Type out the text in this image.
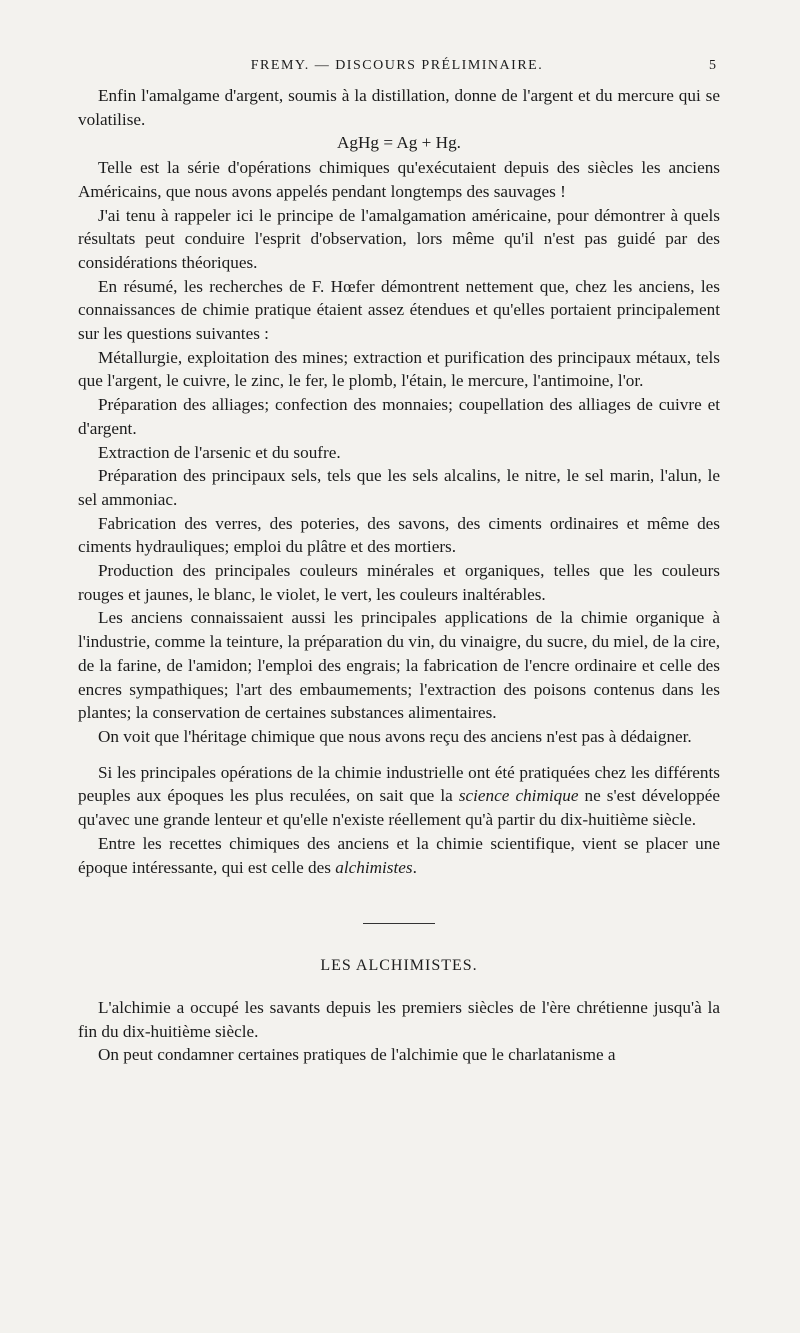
FREMY. — DISCOURS PRÉLIMINAIRE.	5

Enfin l'amalgame d'argent, soumis à la distillation, donne de l'argent et du mercure qui se volatilise.

AgHg = Ag + Hg.

Telle est la série d'opérations chimiques qu'exécutaient depuis des siècles les anciens Américains, que nous avons appelés pendant longtemps des sauvages !

J'ai tenu à rappeler ici le principe de l'amalgamation américaine, pour démontrer à quels résultats peut conduire l'esprit d'observation, lors même qu'il n'est pas guidé par des considérations théoriques.

En résumé, les recherches de F. Hœfer démontrent nettement que, chez les anciens, les connaissances de chimie pratique étaient assez étendues et qu'elles portaient principalement sur les questions suivantes :

Métallurgie, exploitation des mines; extraction et purification des principaux métaux, tels que l'argent, le cuivre, le zinc, le fer, le plomb, l'étain, le mercure, l'antimoine, l'or.

Préparation des alliages; confection des monnaies; coupellation des alliages de cuivre et d'argent.

Extraction de l'arsenic et du soufre.

Préparation des principaux sels, tels que les sels alcalins, le nitre, le sel marin, l'alun, le sel ammoniac.

Fabrication des verres, des poteries, des savons, des ciments ordinaires et même des ciments hydrauliques; emploi du plâtre et des mortiers.

Production des principales couleurs minérales et organiques, telles que les couleurs rouges et jaunes, le blanc, le violet, le vert, les couleurs inaltérables.

Les anciens connaissaient aussi les principales applications de la chimie organique à l'industrie, comme la teinture, la préparation du vin, du vinaigre, du sucre, du miel, de la cire, de la farine, de l'amidon; l'emploi des engrais; la fabrication de l'encre ordinaire et celle des encres sympathiques; l'art des embaumements; l'extraction des poisons contenus dans les plantes; la conservation de certaines substances alimentaires.

On voit que l'héritage chimique que nous avons reçu des anciens n'est pas à dédaigner.

Si les principales opérations de la chimie industrielle ont été pratiquées chez les différents peuples aux époques les plus reculées, on sait que la science chimique ne s'est développée qu'avec une grande lenteur et qu'elle n'existe réellement qu'à partir du dix-huitième siècle.

Entre les recettes chimiques des anciens et la chimie scientifique, vient se placer une époque intéressante, qui est celle des alchimistes.

LES ALCHIMISTES.

L'alchimie a occupé les savants depuis les premiers siècles de l'ère chrétienne jusqu'à la fin du dix-huitième siècle.

On peut condamner certaines pratiques de l'alchimie que le charlatanisme a
